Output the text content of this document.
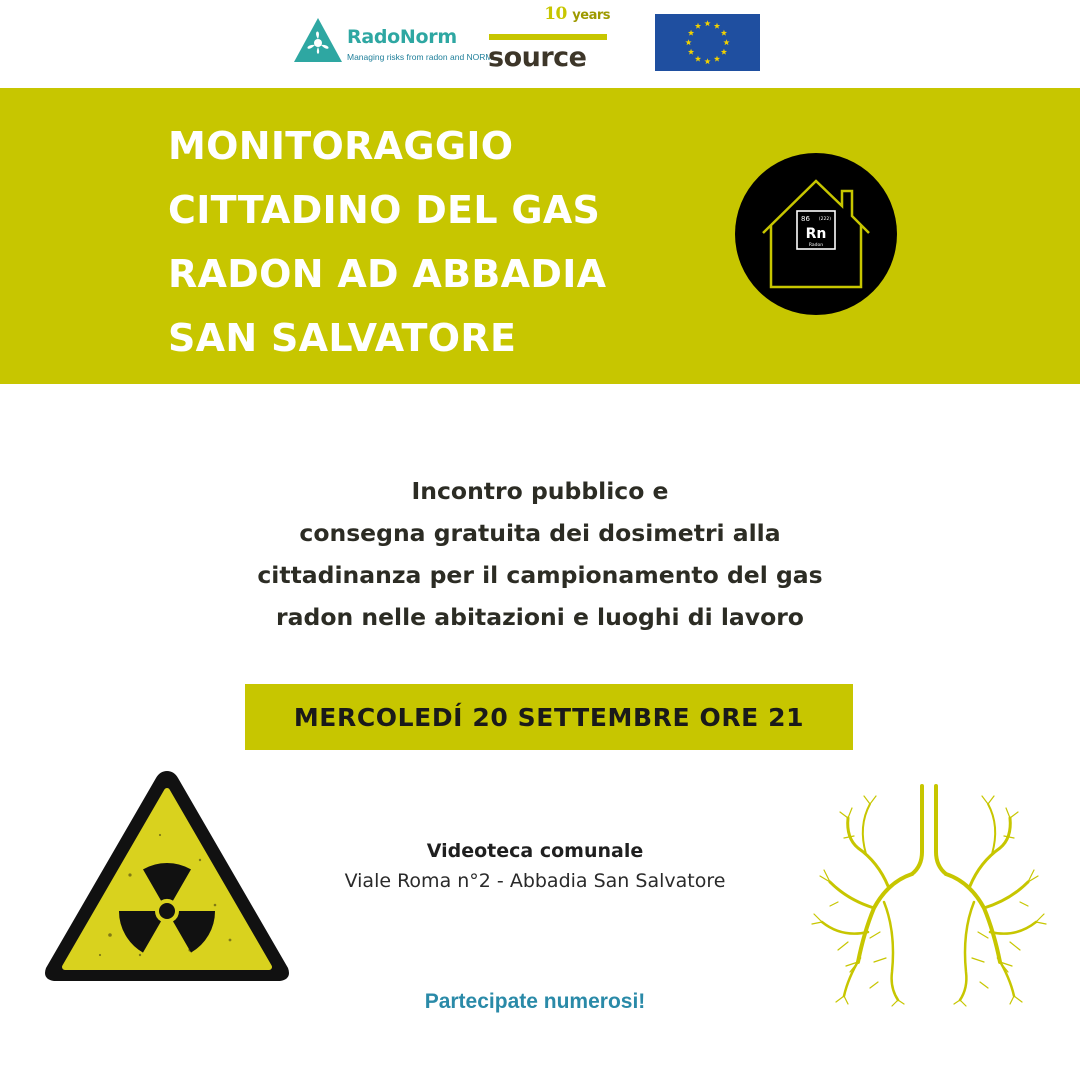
RadoNorm
Managing risks from radon and NORM
10 years
source
MONITORAGGIO
CITTADINO DEL GAS
RADON AD ABBADIA
SAN SALVATORE
86 (222)
Rn
Radon
Incontro pubblico e
consegna gratuita dei dosimetri alla
cittadinanza per il campionamento del gas
radon nelle abitazioni e luoghi di lavoro
MERCOLEDÍ 20 SETTEMBRE ORE 21
Videoteca comunale
Viale Roma n°2 - Abbadia San Salvatore
Partecipate numerosi!
